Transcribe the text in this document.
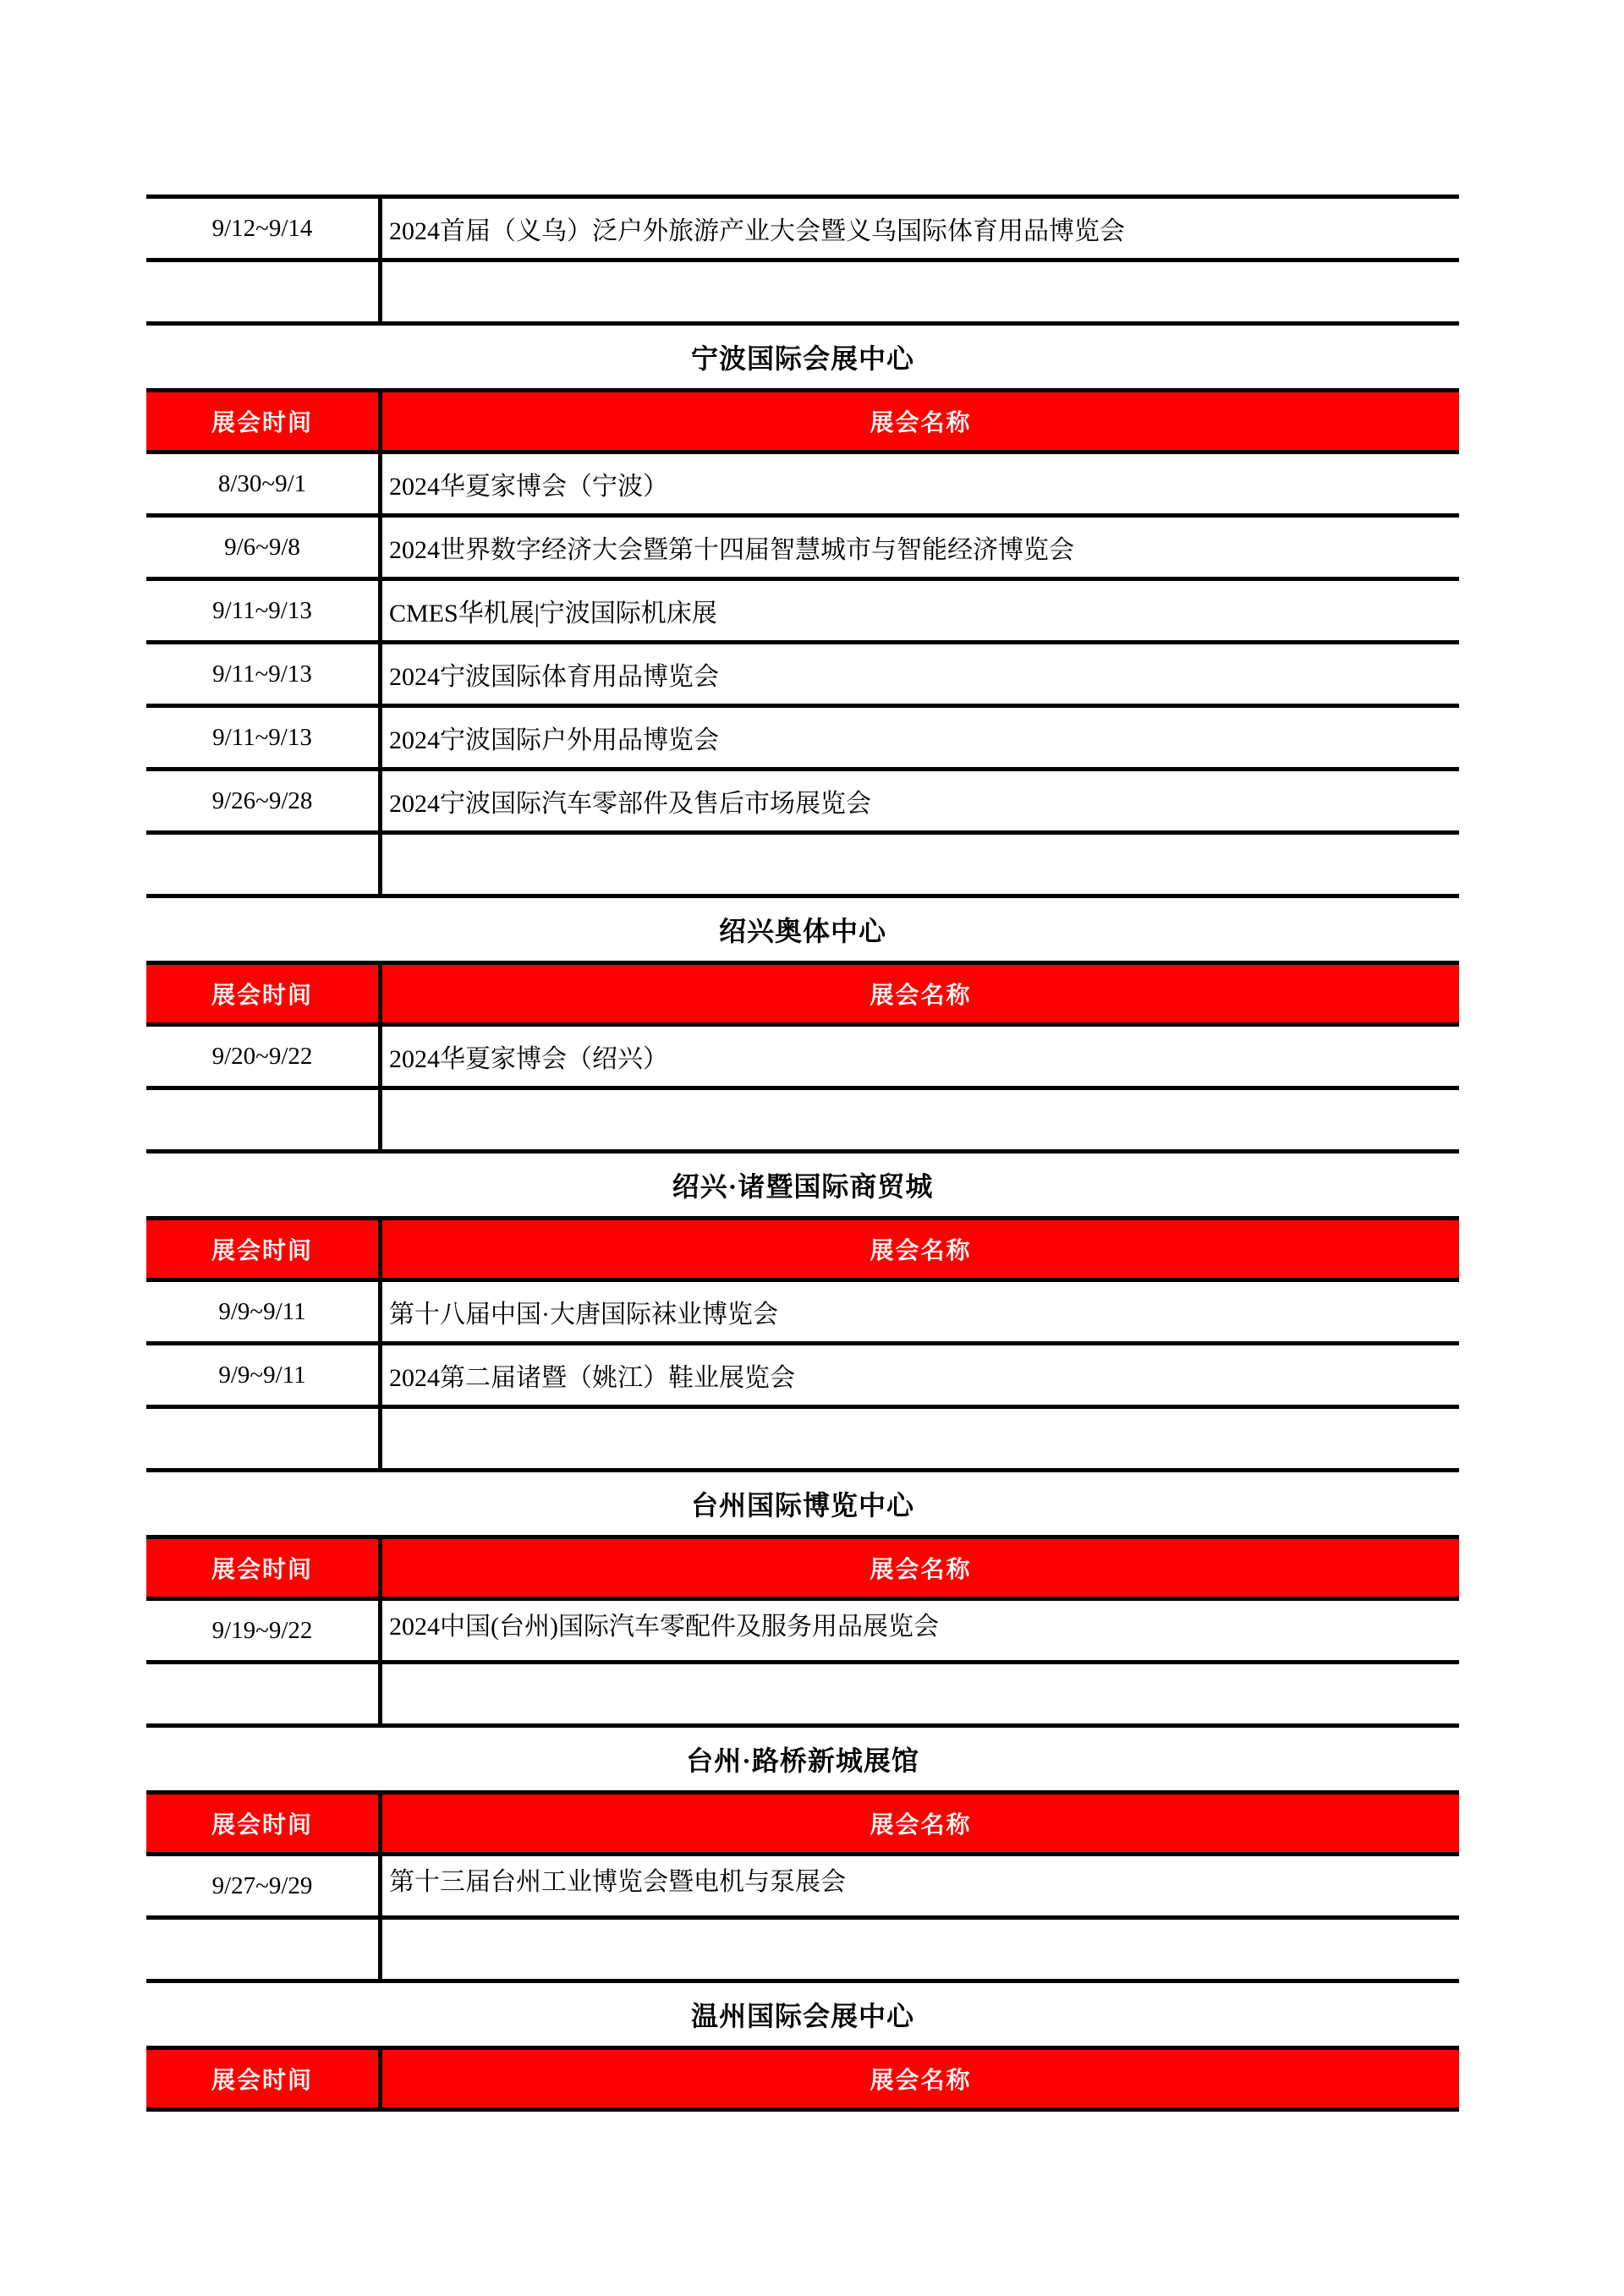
9/12~9/14	2024首届（义乌）泛户外旅游产业大会暨义乌国际体育用品博览会
宁波国际会展中心
展会时间	展会名称
8/30~9/1	2024华夏家博会（宁波）
9/6~9/8	2024世界数字经济大会暨第十四届智慧城市与智能经济博览会
9/11~9/13	CMES华机展|宁波国际机床展
9/11~9/13	2024宁波国际体育用品博览会
9/11~9/13	2024宁波国际户外用品博览会
9/26~9/28	2024宁波国际汽车零部件及售后市场展览会
绍兴奥体中心
展会时间	展会名称
9/20~9/22	2024华夏家博会（绍兴）
绍兴·诸暨国际商贸城
展会时间	展会名称
9/9~9/11	第十八届中国·大唐国际袜业博览会
9/9~9/11	2024第二届诸暨（姚江）鞋业展览会
台州国际博览中心
展会时间	展会名称
9/19~9/22	2024中国(台州)国际汽车零配件及服务用品展览会
台州·路桥新城展馆
展会时间	展会名称
9/27~9/29	第十三届台州工业博览会暨电机与泵展会
温州国际会展中心
展会时间	展会名称
